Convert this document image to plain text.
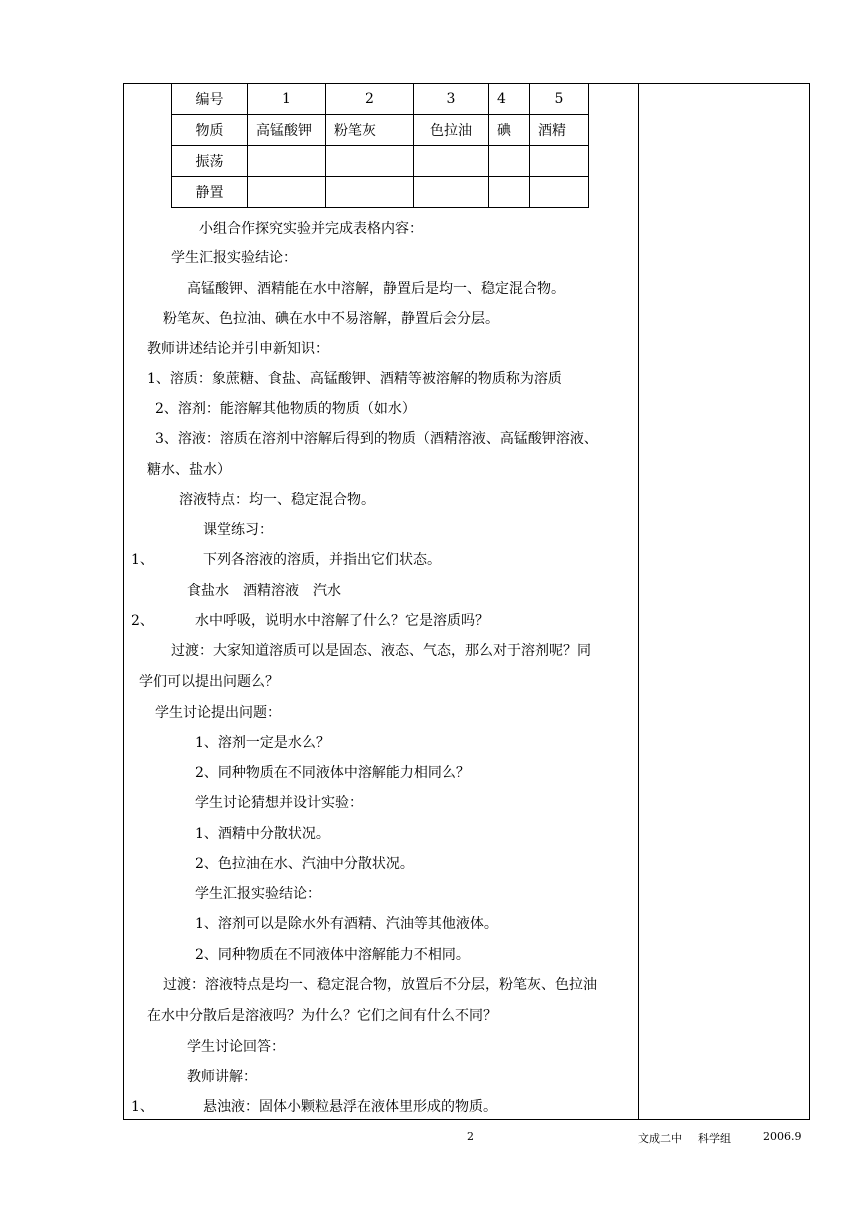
编号	1	2	3	4	5
物质	高锰酸钾	粉笔灰	色拉油	碘	酒精
振荡					
静置					
小组合作探究实验并完成表格内容：
学生汇报实验结论：
高锰酸钾、酒精能在水中溶解，静置后是均一、稳定混合物。
粉笔灰、色拉油、碘在水中不易溶解，静置后会分层。
教师讲述结论并引申新知识：
1、溶质：象蔗糖、食盐、高锰酸钾、酒精等被溶解的物质称为溶质
2、溶剂：能溶解其他物质的物质（如水）
3、溶液：溶质在溶剂中溶解后得到的物质（酒精溶液、高锰酸钾溶液、
糖水、盐水）
溶液特点：均一、稳定混合物。
课堂练习：
1、	下列各溶液的溶质，并指出它们状态。
食盐水　酒精溶液　汽水
2、	水中呼吸，说明水中溶解了什么？它是溶质吗？
过渡：大家知道溶质可以是固态、液态、气态，那么对于溶剂呢？同
学们可以提出问题么？
学生讨论提出问题：
1、溶剂一定是水么？
2、同种物质在不同液体中溶解能力相同么？
学生讨论猜想并设计实验：
1、酒精中分散状况。
2、色拉油在水、汽油中分散状况。
学生汇报实验结论：
1、溶剂可以是除水外有酒精、汽油等其他液体。
2、同种物质在不同液体中溶解能力不相同。
过渡：溶液特点是均一、稳定混合物，放置后不分层，粉笔灰、色拉油
在水中分散后是溶液吗？为什么？它们之间有什么不同？
学生讨论回答：
教师讲解：
1、	悬浊液：固体小颗粒悬浮在液体里形成的物质。
2	文成二中 科学组	2006.9
